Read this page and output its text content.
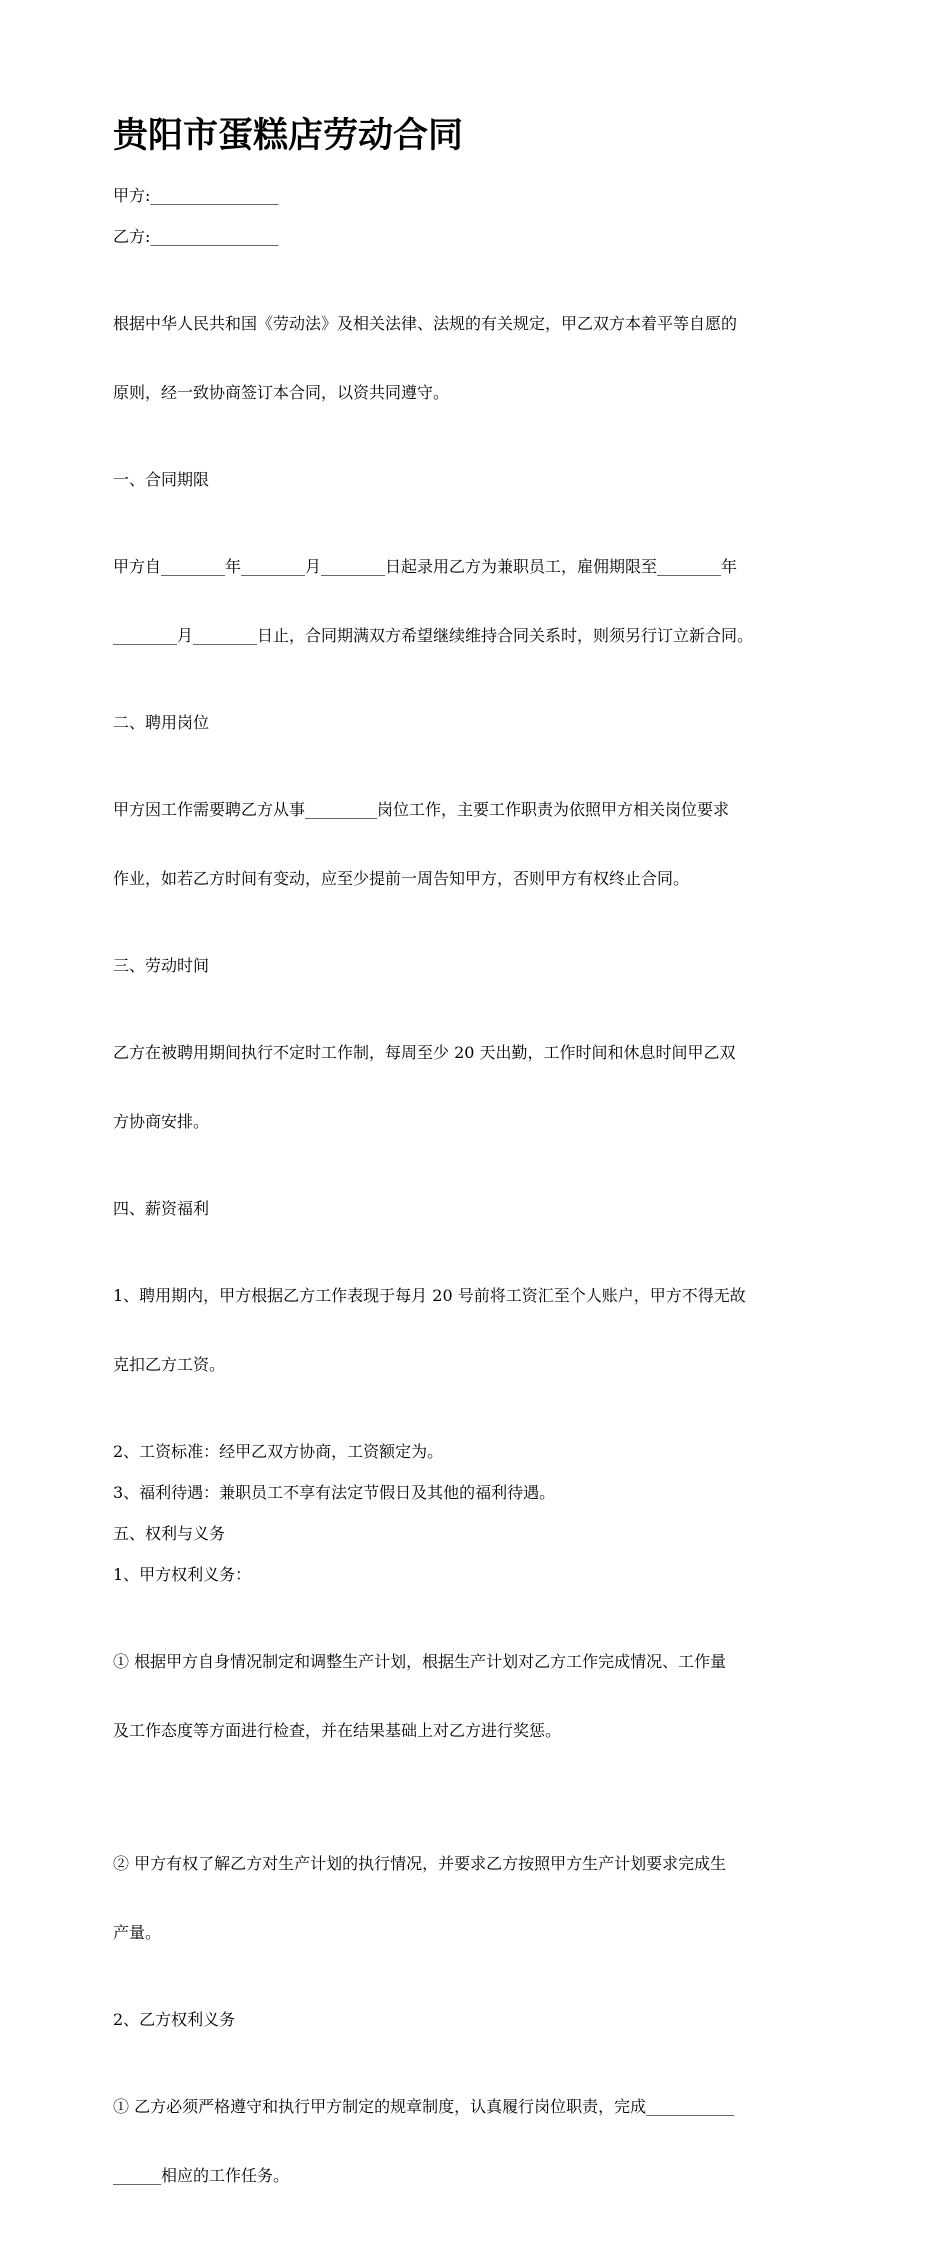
贵阳市蛋糕店劳动合同
甲方:________________
乙方:________________

根据中华人民共和国《劳动法》及相关法律、法规的有关规定，甲乙双方本着平等自愿的

原则，经一致协商签订本合同，以资共同遵守。

一、合同期限

甲方自________年________月________日起录用乙方为兼职员工，雇佣期限至________年

________月________日止，合同期满双方希望继续维持合同关系时，则须另行订立新合同。

二、聘用岗位

甲方因工作需要聘乙方从事_________岗位工作，主要工作职责为依照甲方相关岗位要求

作业，如若乙方时间有变动，应至少提前一周告知甲方，否则甲方有权终止合同。

三、劳动时间

乙方在被聘用期间执行不定时工作制，每周至少 20 天出勤，工作时间和休息时间甲乙双

方协商安排。

四、薪资福利

1、聘用期内，甲方根据乙方工作表现于每月 20 号前将工资汇至个人账户，甲方不得无故

克扣乙方工资。

2、工资标准：经甲乙双方协商，工资额定为。
3、福利待遇：兼职员工不享有法定节假日及其他的福利待遇。
五、权利与义务
1、甲方权利义务：

① 根据甲方自身情况制定和调整生产计划，根据生产计划对乙方工作完成情况、工作量

及工作态度等方面进行检查，并在结果基础上对乙方进行奖惩。

② 甲方有权了解乙方对生产计划的执行情况，并要求乙方按照甲方生产计划要求完成生

产量。

2、乙方权利义务

① 乙方必须严格遵守和执行甲方制定的规章制度，认真履行岗位职责，完成___________

______相应的工作任务。
